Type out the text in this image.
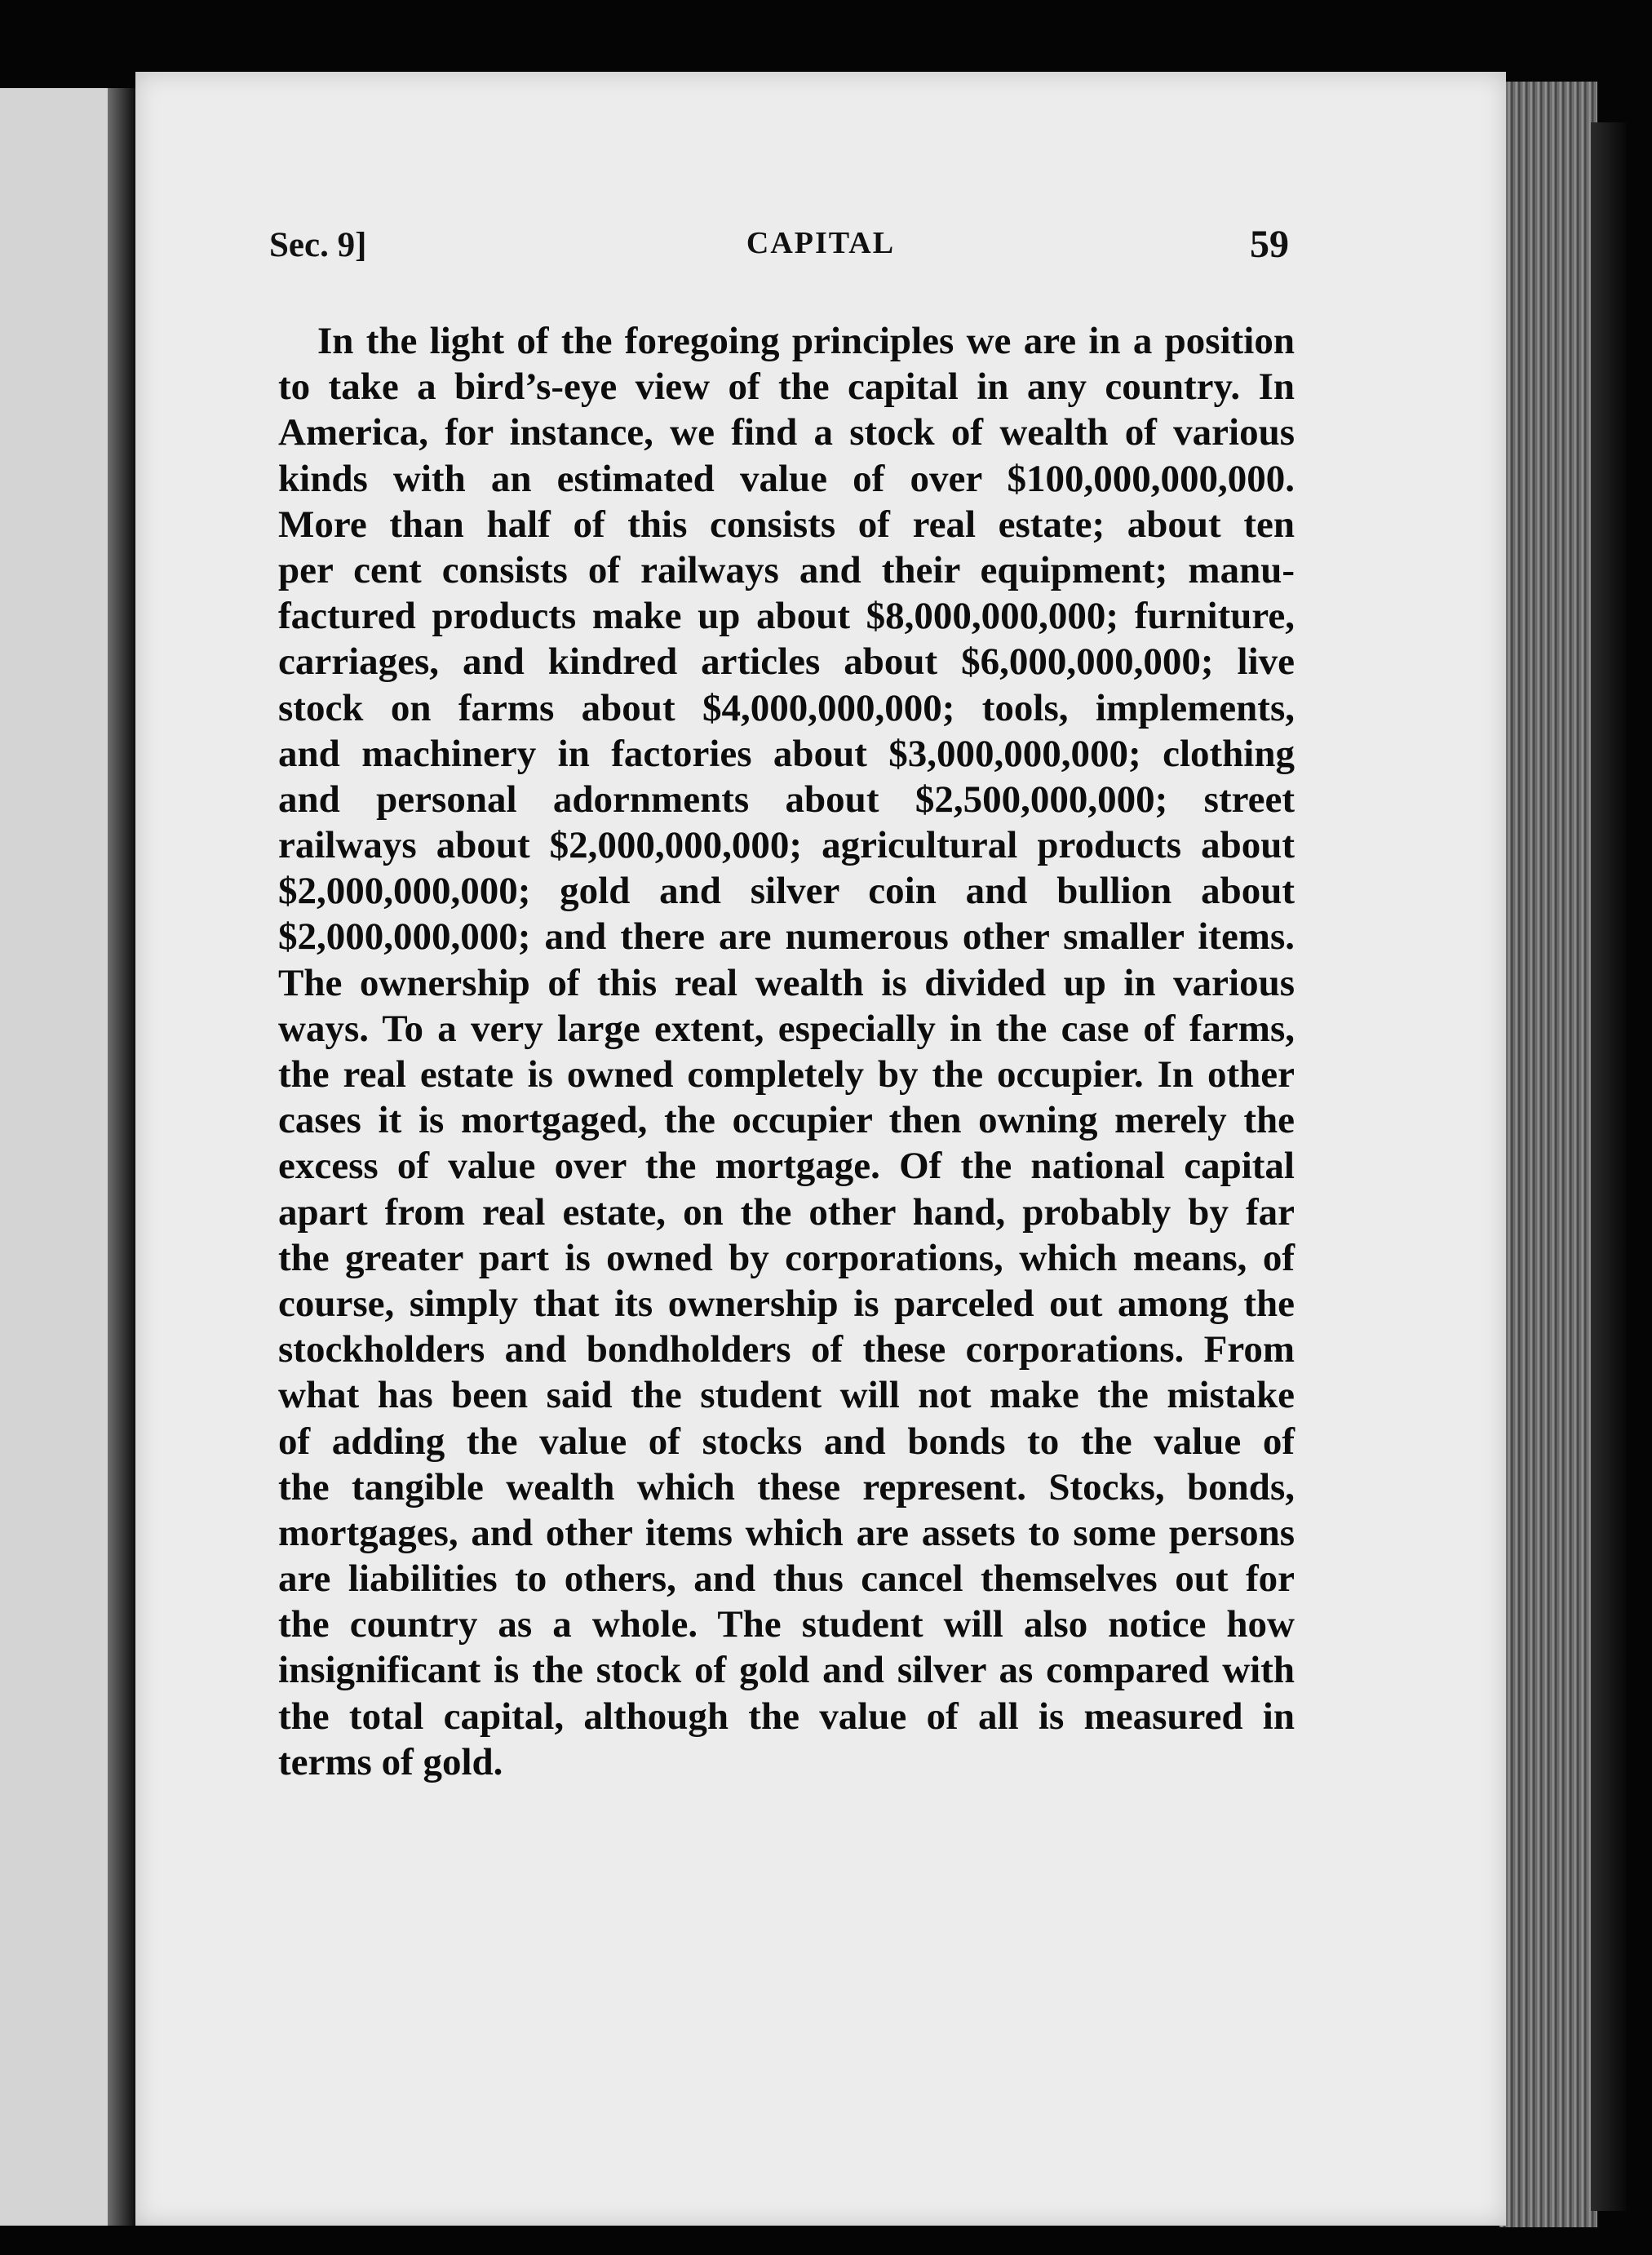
Sec. 9]	CAPITAL	59
In the light of the foregoing principles we are in a position
to take a bird’s-eye view of the capital in any country. In
America, for instance, we find a stock of wealth of various
kinds with an estimated value of over $100,000,000,000.
More than half of this consists of real estate; about ten
per cent consists of railways and their equipment; manu-
factured products make up about $8,000,000,000; furniture,
carriages, and kindred articles about $6,000,000,000; live
stock on farms about $4,000,000,000; tools, implements,
and machinery in factories about $3,000,000,000; clothing
and personal adornments about $2,500,000,000; street
railways about $2,000,000,000; agricultural products about
$2,000,000,000; gold and silver coin and bullion about
$2,000,000,000; and there are numerous other smaller items.
The ownership of this real wealth is divided up in various
ways. To a very large extent, especially in the case of farms,
the real estate is owned completely by the occupier. In other
cases it is mortgaged, the occupier then owning merely the
excess of value over the mortgage. Of the national capital
apart from real estate, on the other hand, probably by far
the greater part is owned by corporations, which means, of
course, simply that its ownership is parceled out among the
stockholders and bondholders of these corporations. From
what has been said the student will not make the mistake
of adding the value of stocks and bonds to the value of
the tangible wealth which these represent. Stocks, bonds,
mortgages, and other items which are assets to some persons
are liabilities to others, and thus cancel themselves out for
the country as a whole. The student will also notice how
insignificant is the stock of gold and silver as compared with
the total capital, although the value of all is measured in
terms of gold.
